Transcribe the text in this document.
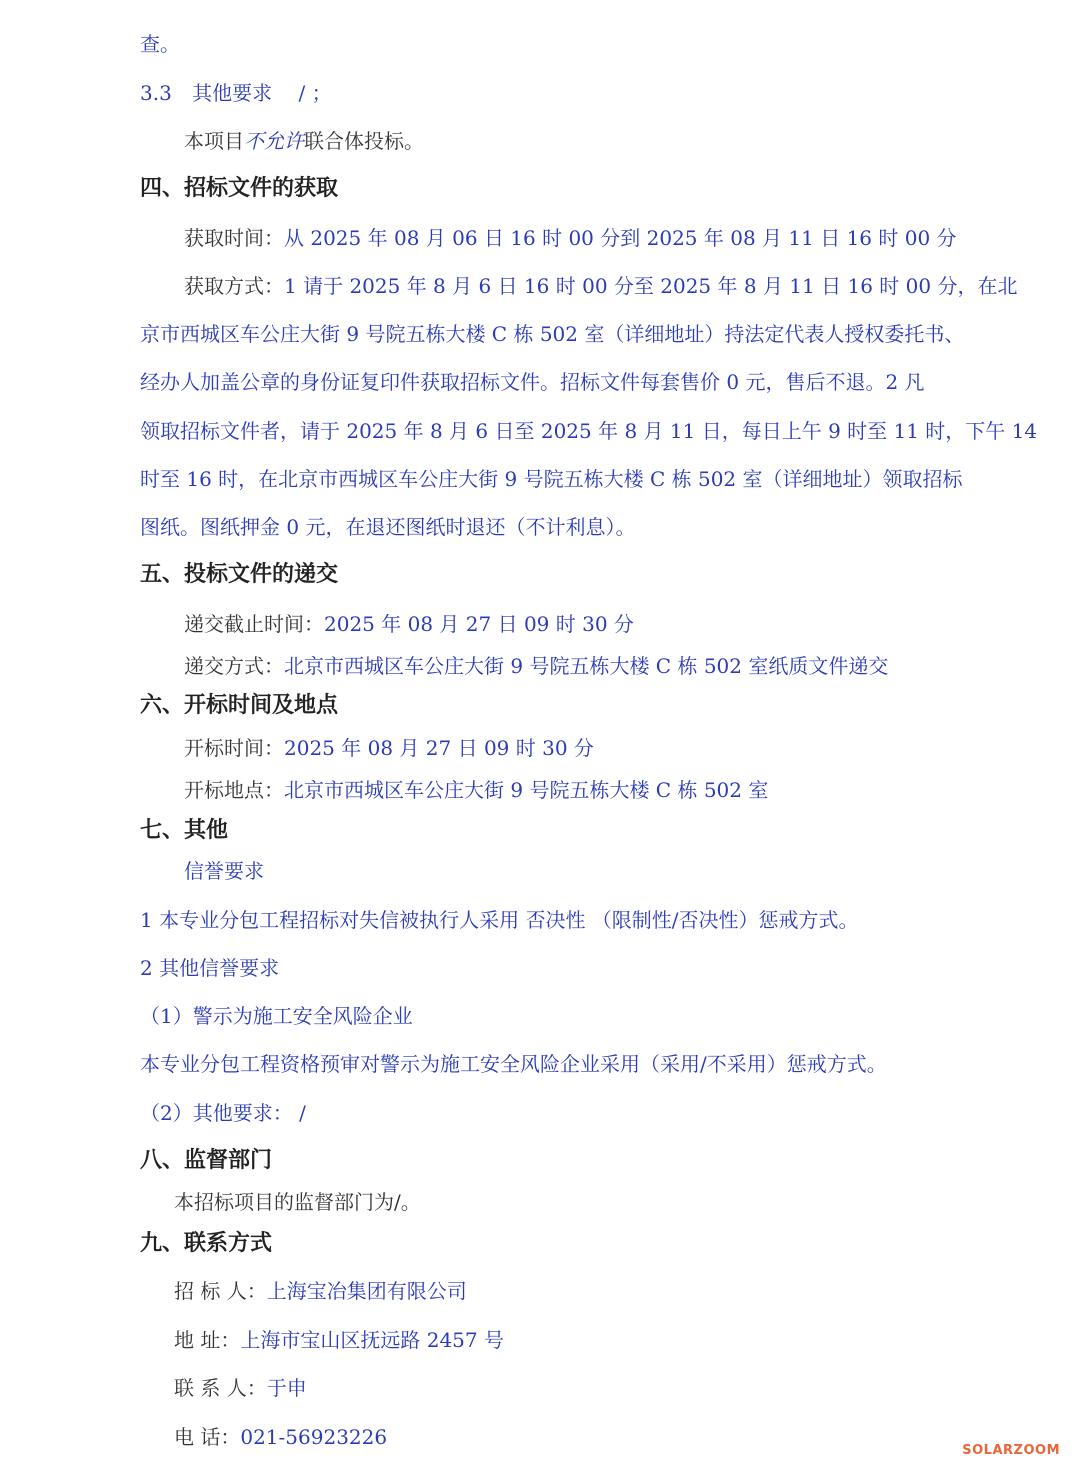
查。
3.3 其他要求 / ；
本项目不允许联合体投标。
四、招标文件的获取
获取时间：从 2025 年 08 月 06 日 16 时 00 分到 2025 年 08 月 11 日 16 时 00 分
获取方式：1 请于 2025 年 8 月 6 日 16 时 00 分至 2025 年 8 月 11 日 16 时 00 分，在北
京市西城区车公庄大街 9 号院五栋大楼 C 栋 502 室（详细地址）持法定代表人授权委托书、
经办人加盖公章的身份证复印件获取招标文件。招标文件每套售价 0 元，售后不退。2 凡
领取招标文件者，请于 2025 年 8 月 6 日至 2025 年 8 月 11 日，每日上午 9 时至 11 时，下午 14
时至 16 时，在北京市西城区车公庄大街 9 号院五栋大楼 C 栋 502 室（详细地址）领取招标
图纸。图纸押金 0 元，在退还图纸时退还（不计利息）。
五、投标文件的递交
递交截止时间：2025 年 08 月 27 日 09 时 30 分
递交方式：北京市西城区车公庄大街 9 号院五栋大楼 C 栋 502 室纸质文件递交
六、开标时间及地点
开标时间：2025 年 08 月 27 日 09 时 30 分
开标地点：北京市西城区车公庄大街 9 号院五栋大楼 C 栋 502 室
七、其他
信誉要求
1 本专业分包工程招标对失信被执行人采用 否决性 （限制性/否决性）惩戒方式。
2 其他信誉要求
（1）警示为施工安全风险企业
本专业分包工程资格预审对警示为施工安全风险企业采用（采用/不采用）惩戒方式。
（2）其他要求： /
八、监督部门
本招标项目的监督部门为/。
九、联系方式
招 标 人：上海宝冶集团有限公司
地 址：上海市宝山区抚远路 2457 号
联 系 人：于申
电 话：021-56923226
SOLARZOOM
